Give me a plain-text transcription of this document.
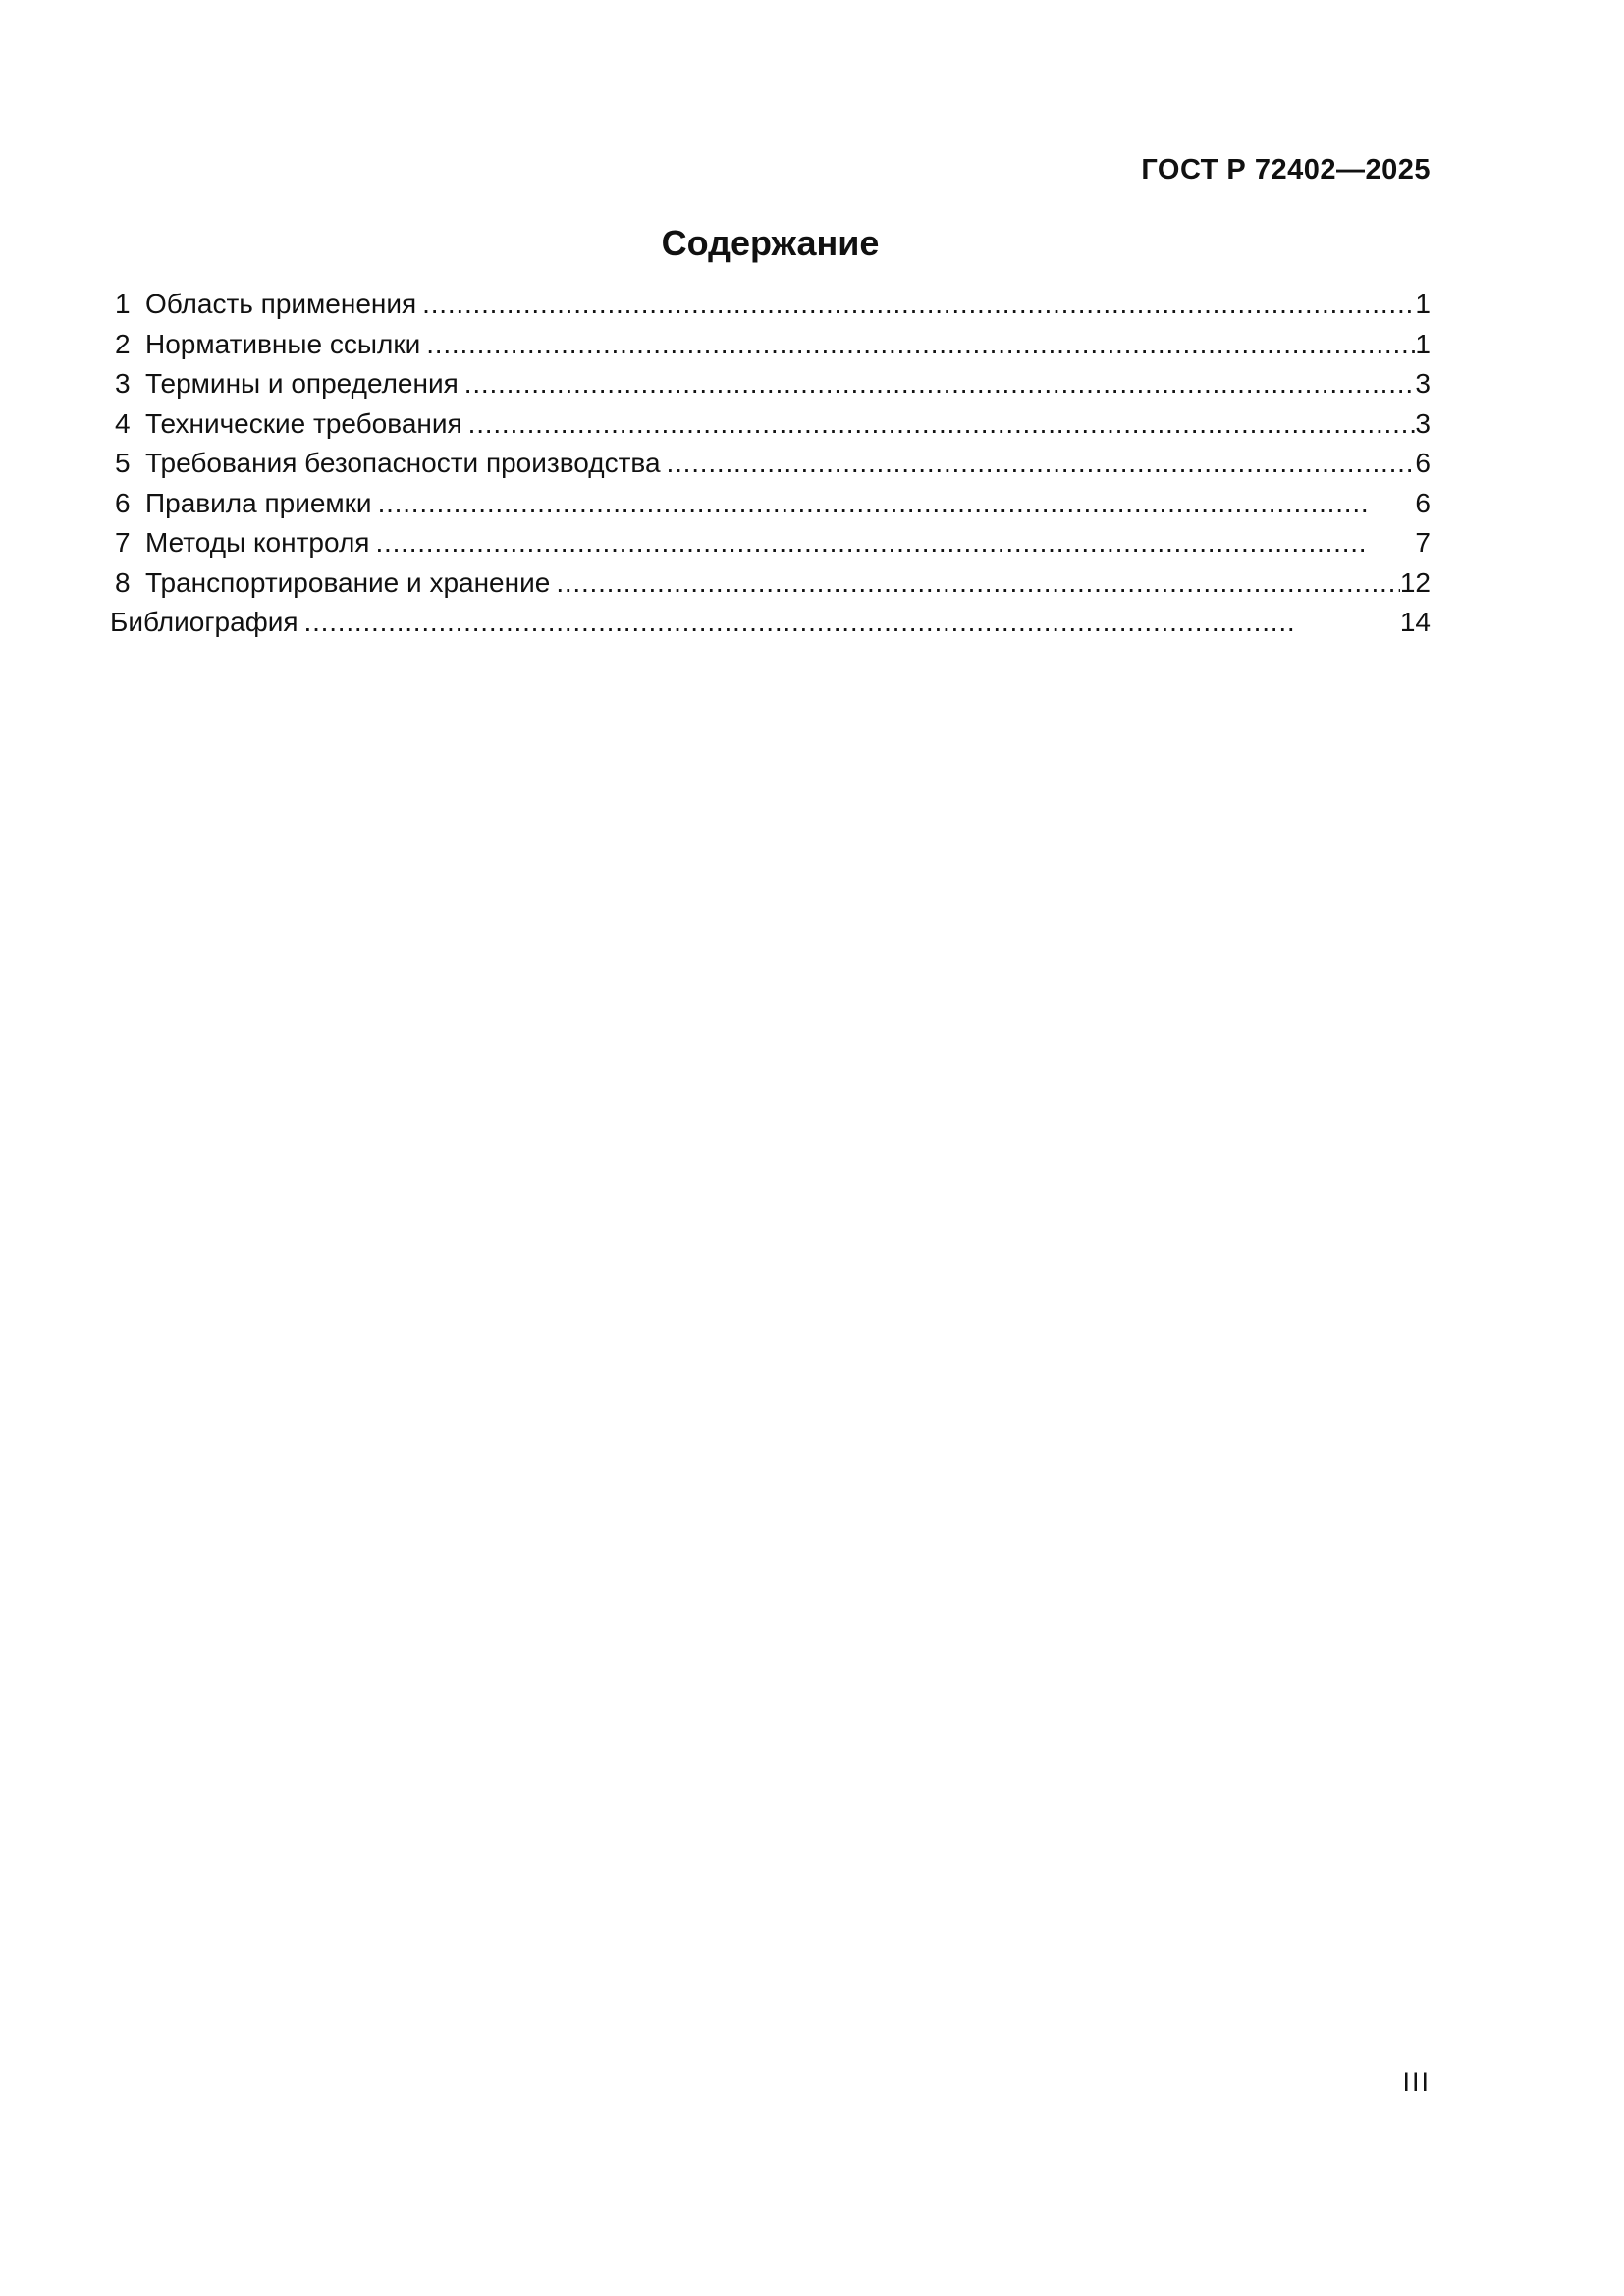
ГОСТ Р 72402—2025
Содержание
1 Область применения . . .	1
2 Нормативные ссылки . . .	1
3 Термины и определения . . .	3
4 Технические требования . . .	3
5 Требования безопасности производства . . .	6
6 Правила приемки . . .	6
7 Методы контроля . . .	7
8 Транспортирование и хранение . . .	12
Библиография . . .	14
III
